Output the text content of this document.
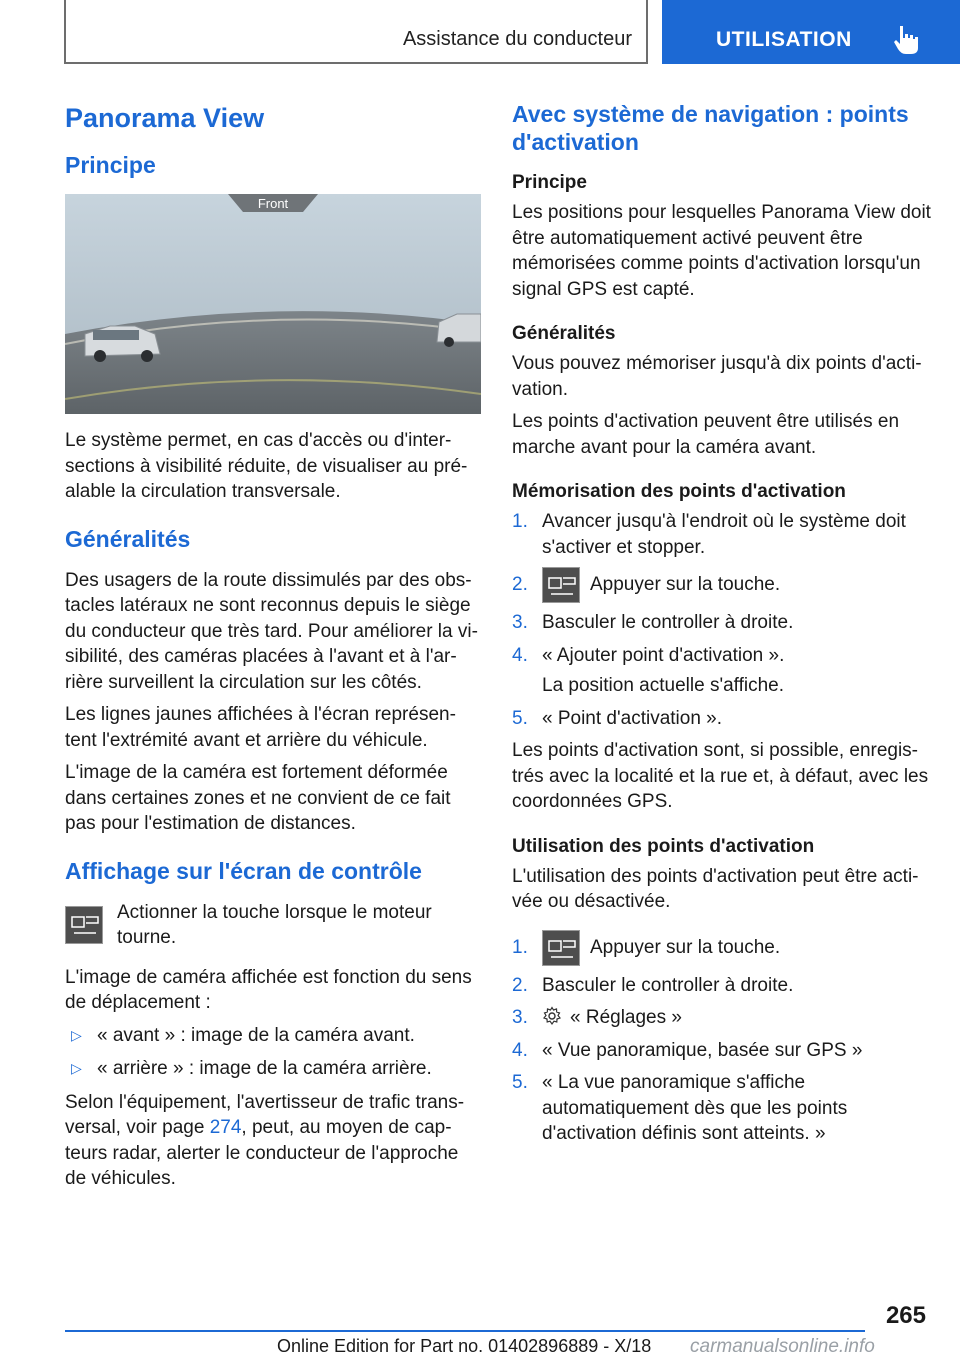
Assistance du conducteur	UTILISATION
Panorama View
Principe
Front

Le système permet, en cas d'accès ou d'inter-sections à visibilité réduite, de visualiser au pré-alable la circulation transversale.

Généralités

Des usagers de la route dissimulés par des obs-tacles latéraux ne sont reconnus depuis le siège du conducteur que très tard. Pour améliorer la vi-sibilité, des caméras placées à l'avant et à l'ar-rière surveillent la circulation sur les côtés.

Les lignes jaunes affichées à l'écran représen-tent l'extrémité avant et arrière du véhicule.

L'image de la caméra est fortement déformée dans certaines zones et ne convient de ce fait pas pour l'estimation de distances.

Affichage sur l'écran de contrôle

Actionner la touche lorsque le moteur tourne.

L'image de caméra affichée est fonction du sens de déplacement :

▷ « avant » : image de la caméra avant.
▷ « arrière » : image de la caméra arrière.

Selon l'équipement, l'avertisseur de trafic trans-versal, voir page 274, peut, au moyen de cap-teurs radar, alerter le conducteur de l'approche de véhicules.

Avec système de navigation : points d'activation
Principe

Les positions pour lesquelles Panorama View doit être automatiquement activé peuvent être mémorisées comme points d'activation lorsqu'un signal GPS est capté.

Généralités

Vous pouvez mémoriser jusqu'à dix points d'acti-vation.

Les points d'activation peuvent être utilisés en marche avant pour la caméra avant.

Mémorisation des points d'activation
1. Avancer jusqu'à l'endroit où le système doit s'activer et stopper.
2.	Appuyer sur la touche.
3. Basculer le controller à droite.
4. « Ajouter point d'activation ».
La position actuelle s'affiche.
5. « Point d'activation ».

Les points d'activation sont, si possible, enregis-trés avec la localité et la rue et, à défaut, avec les coordonnées GPS.

Utilisation des points d'activation

L'utilisation des points d'activation peut être acti-vée ou désactivée.

1.	Appuyer sur la touche.
2. Basculer le controller à droite.
3.	« Réglages »
4. « Vue panoramique, basée sur GPS »
5. « La vue panoramique s'affiche automatiquement dès que les points d'activation définis sont atteints. »
265
Online Edition for Part no. 01402896889 - X/18 carmanualsonline.info
